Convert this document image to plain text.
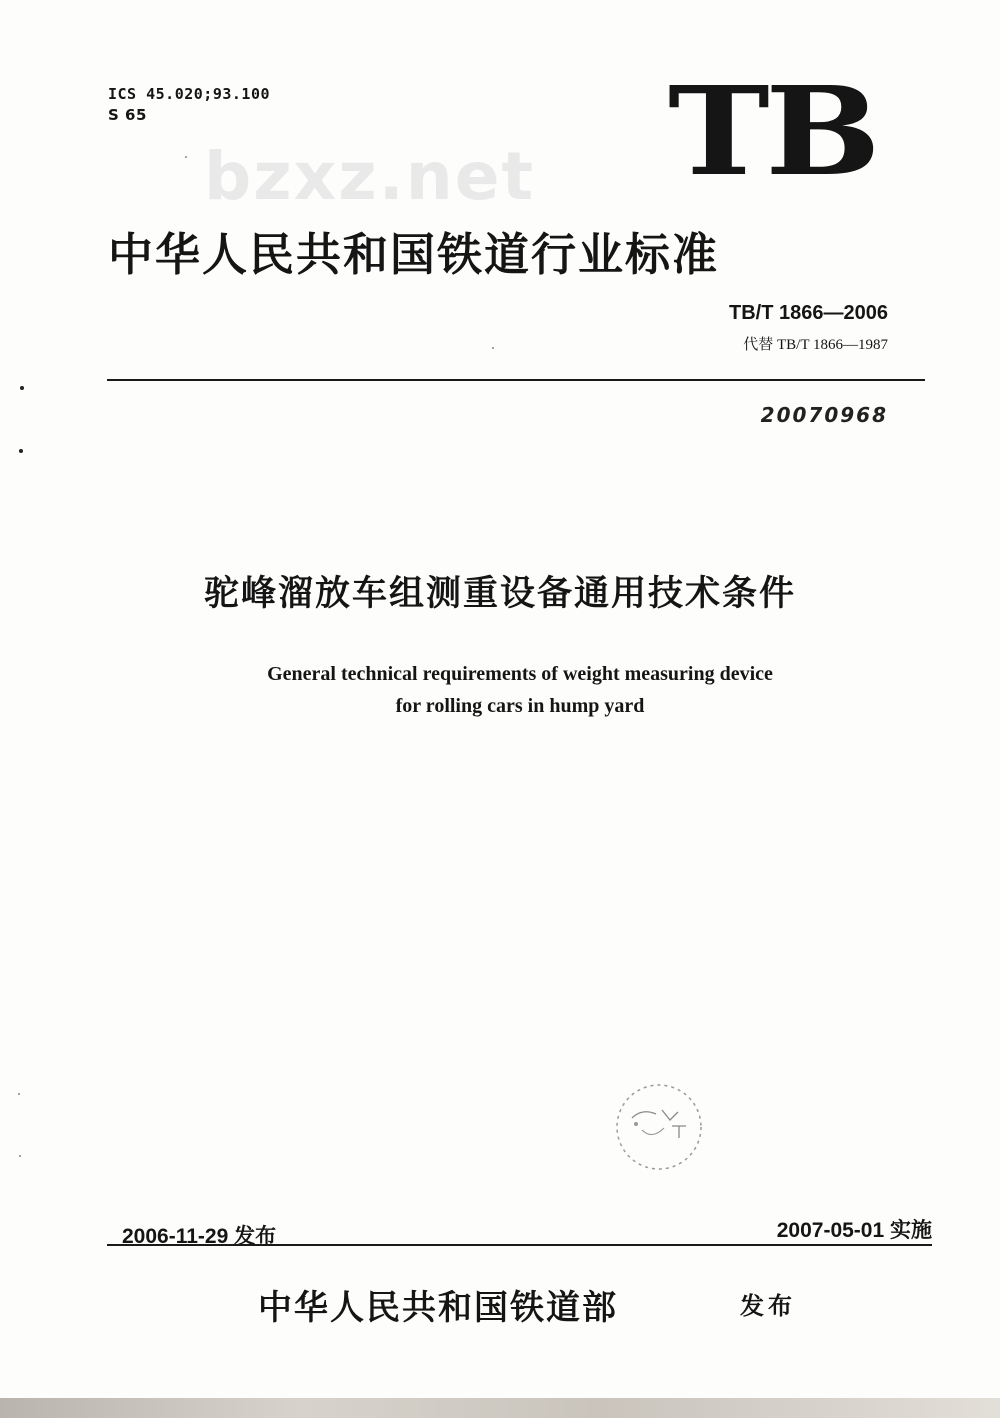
ICS 45.020;93.100
S 65
bzxz.net TB
中华人民共和国铁道行业标准
TB/T 1866—2006
代替 TB/T 1866—1987
20070968
驼峰溜放车组测重设备通用技术条件
General technical requirements of weight measuring device
for rolling cars in hump yard
2006-11-29 发布	2007-05-01 实施
中华人民共和国铁道部	发布
